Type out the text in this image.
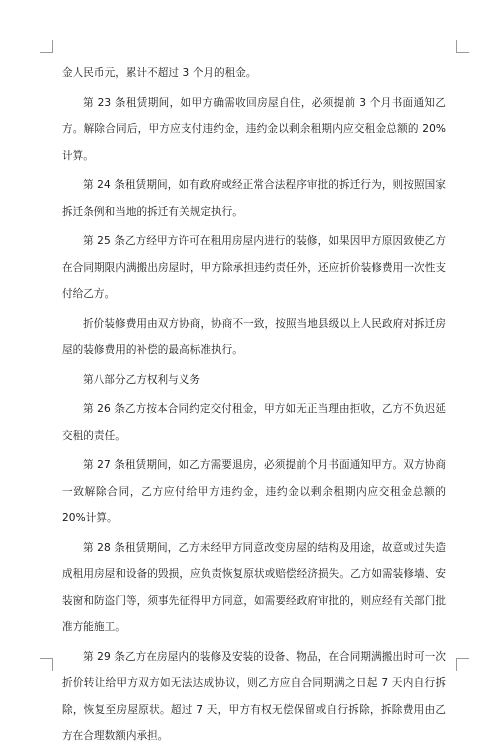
金人民币元，累计不超过 3 个月的租金。

第 23 条租赁期间，如甲方确需收回房屋自住，必须提前 3 个月书面通知乙方。解除合同后，甲方应支付违约金，违约金以剩余租期内应交租金总额的 20%计算。

第 24 条租赁期间，如有政府或经正常合法程序审批的拆迁行为，则按照国家拆迁条例和当地的拆迁有关规定执行。

第 25 条乙方经甲方许可在租用房屋内进行的装修，如果因甲方原因致使乙方在合同期限内满搬出房屋时，甲方除承担违约责任外，还应折价装修费用一次性支付给乙方。

折价装修费用由双方协商，协商不一致，按照当地县级以上人民政府对拆迁房屋的装修费用的补偿的最高标准执行。

第八部分乙方权利与义务

第 26 条乙方按本合同约定交付租金，甲方如无正当理由拒收，乙方不负迟延交租的责任。

第 27 条租赁期间，如乙方需要退房，必须提前个月书面通知甲方。双方协商一致解除合同，乙方应付给甲方违约金，违约金以剩余租期内应交租金总额的 20%计算。

第 28 条租赁期间，乙方未经甲方同意改变房屋的结构及用途，故意或过失造成租用房屋和设备的毁损，应负责恢复原状或赔偿经济损失。乙方如需装修墙、安装窗和防盗门等，须事先征得甲方同意，如需要经政府审批的，则应经有关部门批准方能施工。

第 29 条乙方在房屋内的装修及安装的设备、物品，在合同期满搬出时可一次折价转让给甲方双方如无法达成协议，则乙方应自合同期满之日起 7 天内自行拆除，恢复至房屋原状。超过 7 天，甲方有权无偿保留或自行拆除，拆除费用由乙方在合理数额内承担。
